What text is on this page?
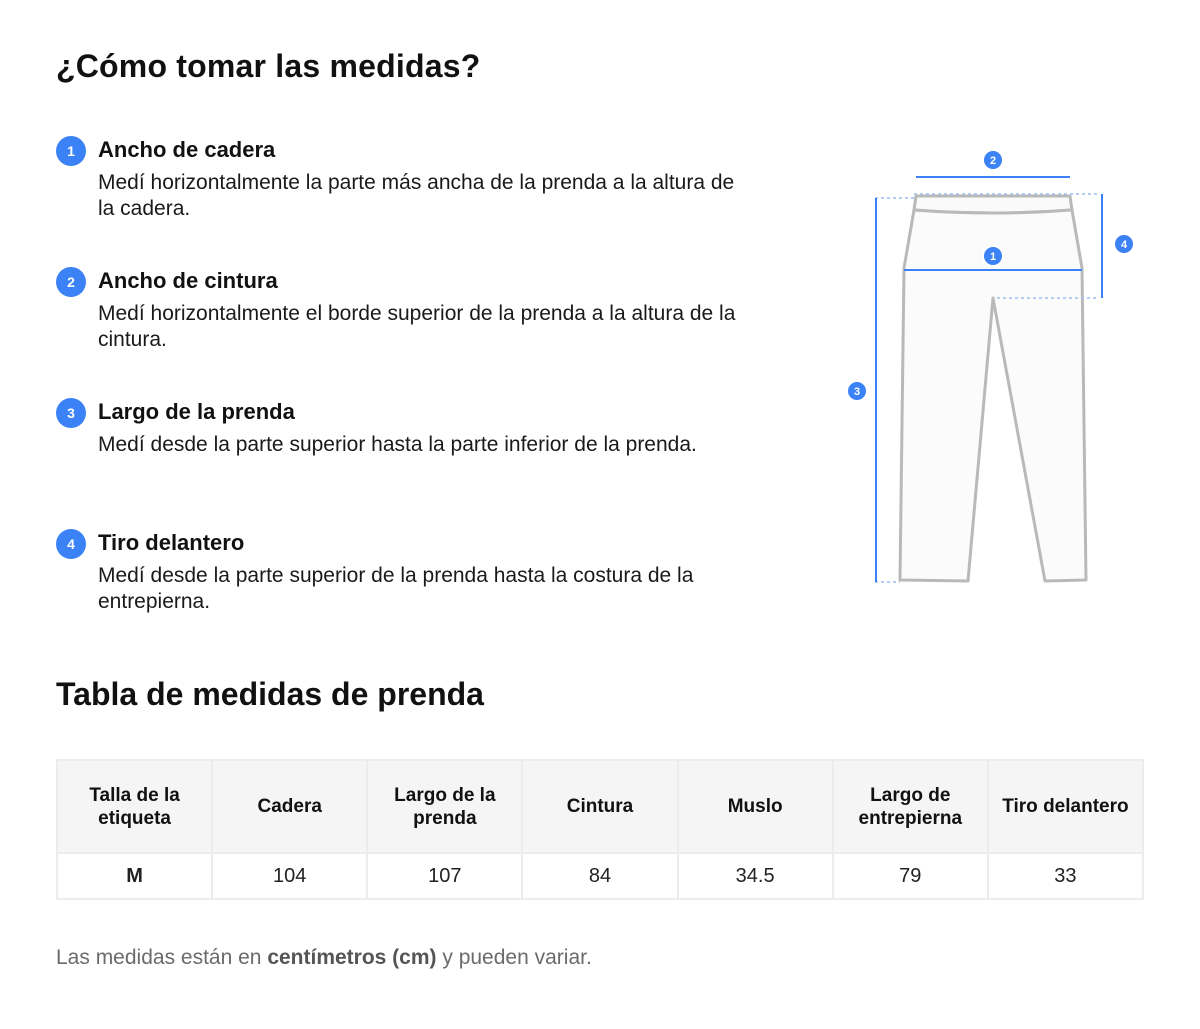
¿Cómo tomar las medidas?
1	Ancho de cadera

Medí horizontalmente la parte más ancha de la prenda a la altura de la cadera.
2	Ancho de cintura

Medí horizontalmente el borde superior de la prenda a la altura de la cintura.
3	Largo de la prenda

Medí desde la parte superior hasta la parte inferior de la prenda.
4	Tiro delantero

Medí desde la parte superior de la prenda hasta la costura de la entrepierna.
2
4
1
3
Tabla de medidas de prenda
Talla de la etiqueta	Cadera	Largo de la prenda	Cintura	Muslo	Largo de entrepierna	Tiro delantero
M	104	107	84	34.5	79	33
Las medidas están en centímetros (cm) y pueden variar.
